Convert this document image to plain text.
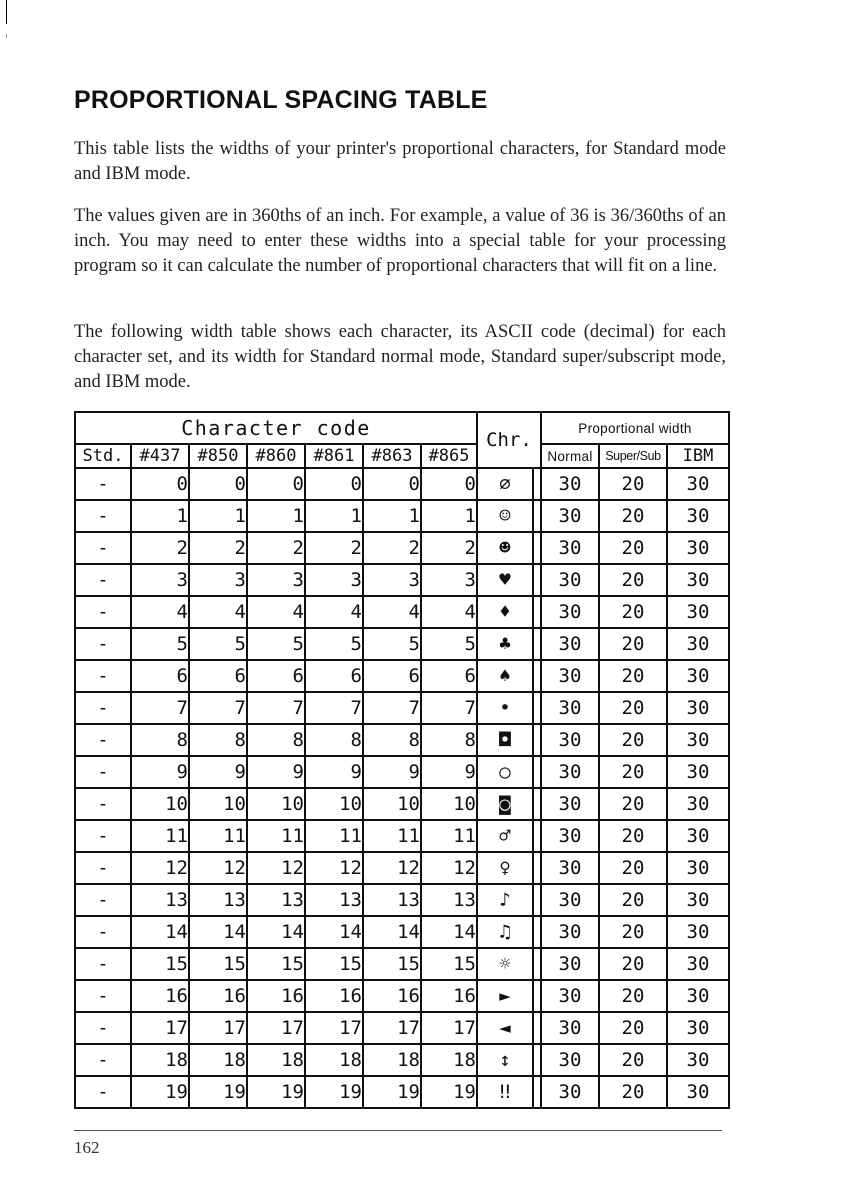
PROPORTIONAL SPACING TABLE

This table lists the widths of your printer's proportional characters, for Standard mode and IBM mode.

The values given are in 360ths of an inch. For example, a value of 36 is 36/360ths of an inch. You may need to enter these widths into a special table for your processing program so it can calculate the number of proportional characters that will fit on a line.

The following width table shows each character, its ASCII code (decimal) for each character set, and its width for Standard normal mode, Standard super/subscript mode, and IBM mode.

Character code							Chr.		Proportional width		
Std.	#437	#850	#860	#861	#863	#865			Normal	Super/Sub	IBM
-	0	0	0	0	0	0	∅		30	20	30
-	1	1	1	1	1	1	☺		30	20	30
-	2	2	2	2	2	2	☻		30	20	30
-	3	3	3	3	3	3	♥		30	20	30
-	4	4	4	4	4	4	♦		30	20	30
-	5	5	5	5	5	5	♣		30	20	30
-	6	6	6	6	6	6	♠		30	20	30
-	7	7	7	7	7	7	•		30	20	30
-	8	8	8	8	8	8	◘		30	20	30
-	9	9	9	9	9	9	○		30	20	30
-	10	10	10	10	10	10	◙		30	20	30
-	11	11	11	11	11	11	♂		30	20	30
-	12	12	12	12	12	12	♀		30	20	30
-	13	13	13	13	13	13	♪		30	20	30
-	14	14	14	14	14	14	♫		30	20	30
-	15	15	15	15	15	15	☼		30	20	30
-	16	16	16	16	16	16	►		30	20	30
-	17	17	17	17	17	17	◄		30	20	30
-	18	18	18	18	18	18	↕		30	20	30
-	19	19	19	19	19	19	‼		30	20	30
162
